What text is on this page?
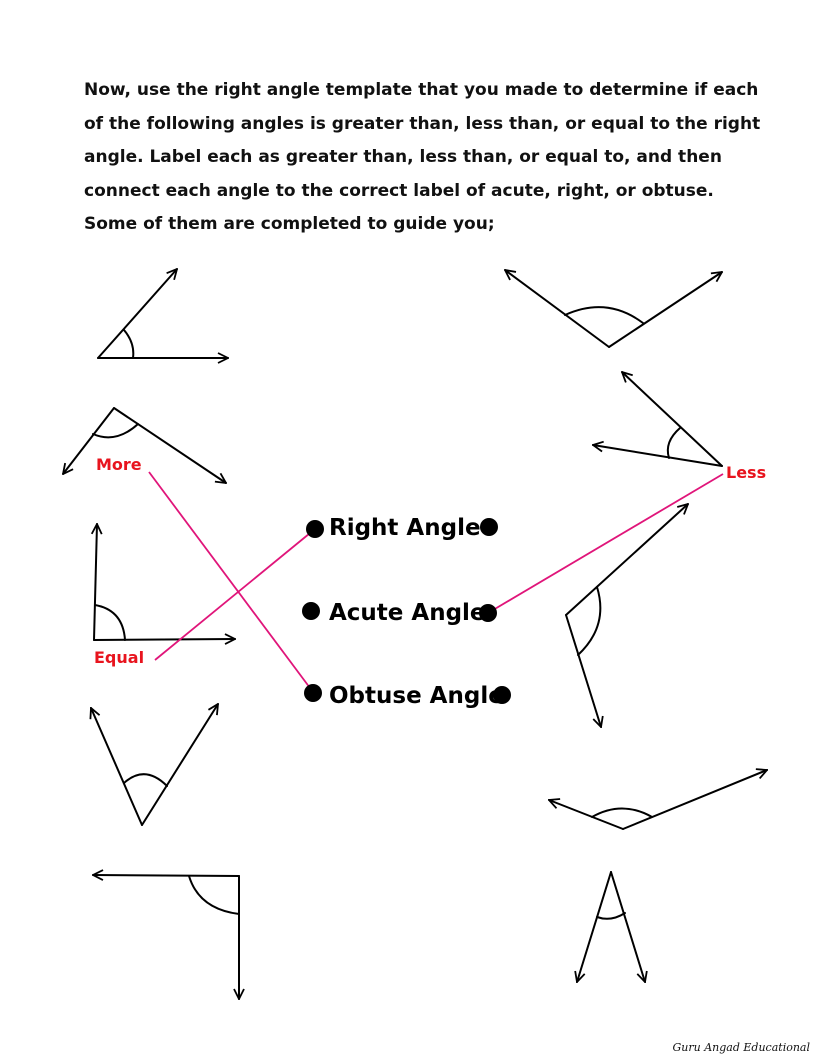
Now, use the right angle template that you made to determine if each
of the following angles is greater than, less than, or equal to the right
angle. Label each as greater than, less than, or equal to, and then
connect each angle to the correct label of acute, right, or obtuse.
Some of them are completed to guide you;
Right Angle
Acute Angle
Obtuse Angle
More
Equal
Less
Guru Angad Educational
